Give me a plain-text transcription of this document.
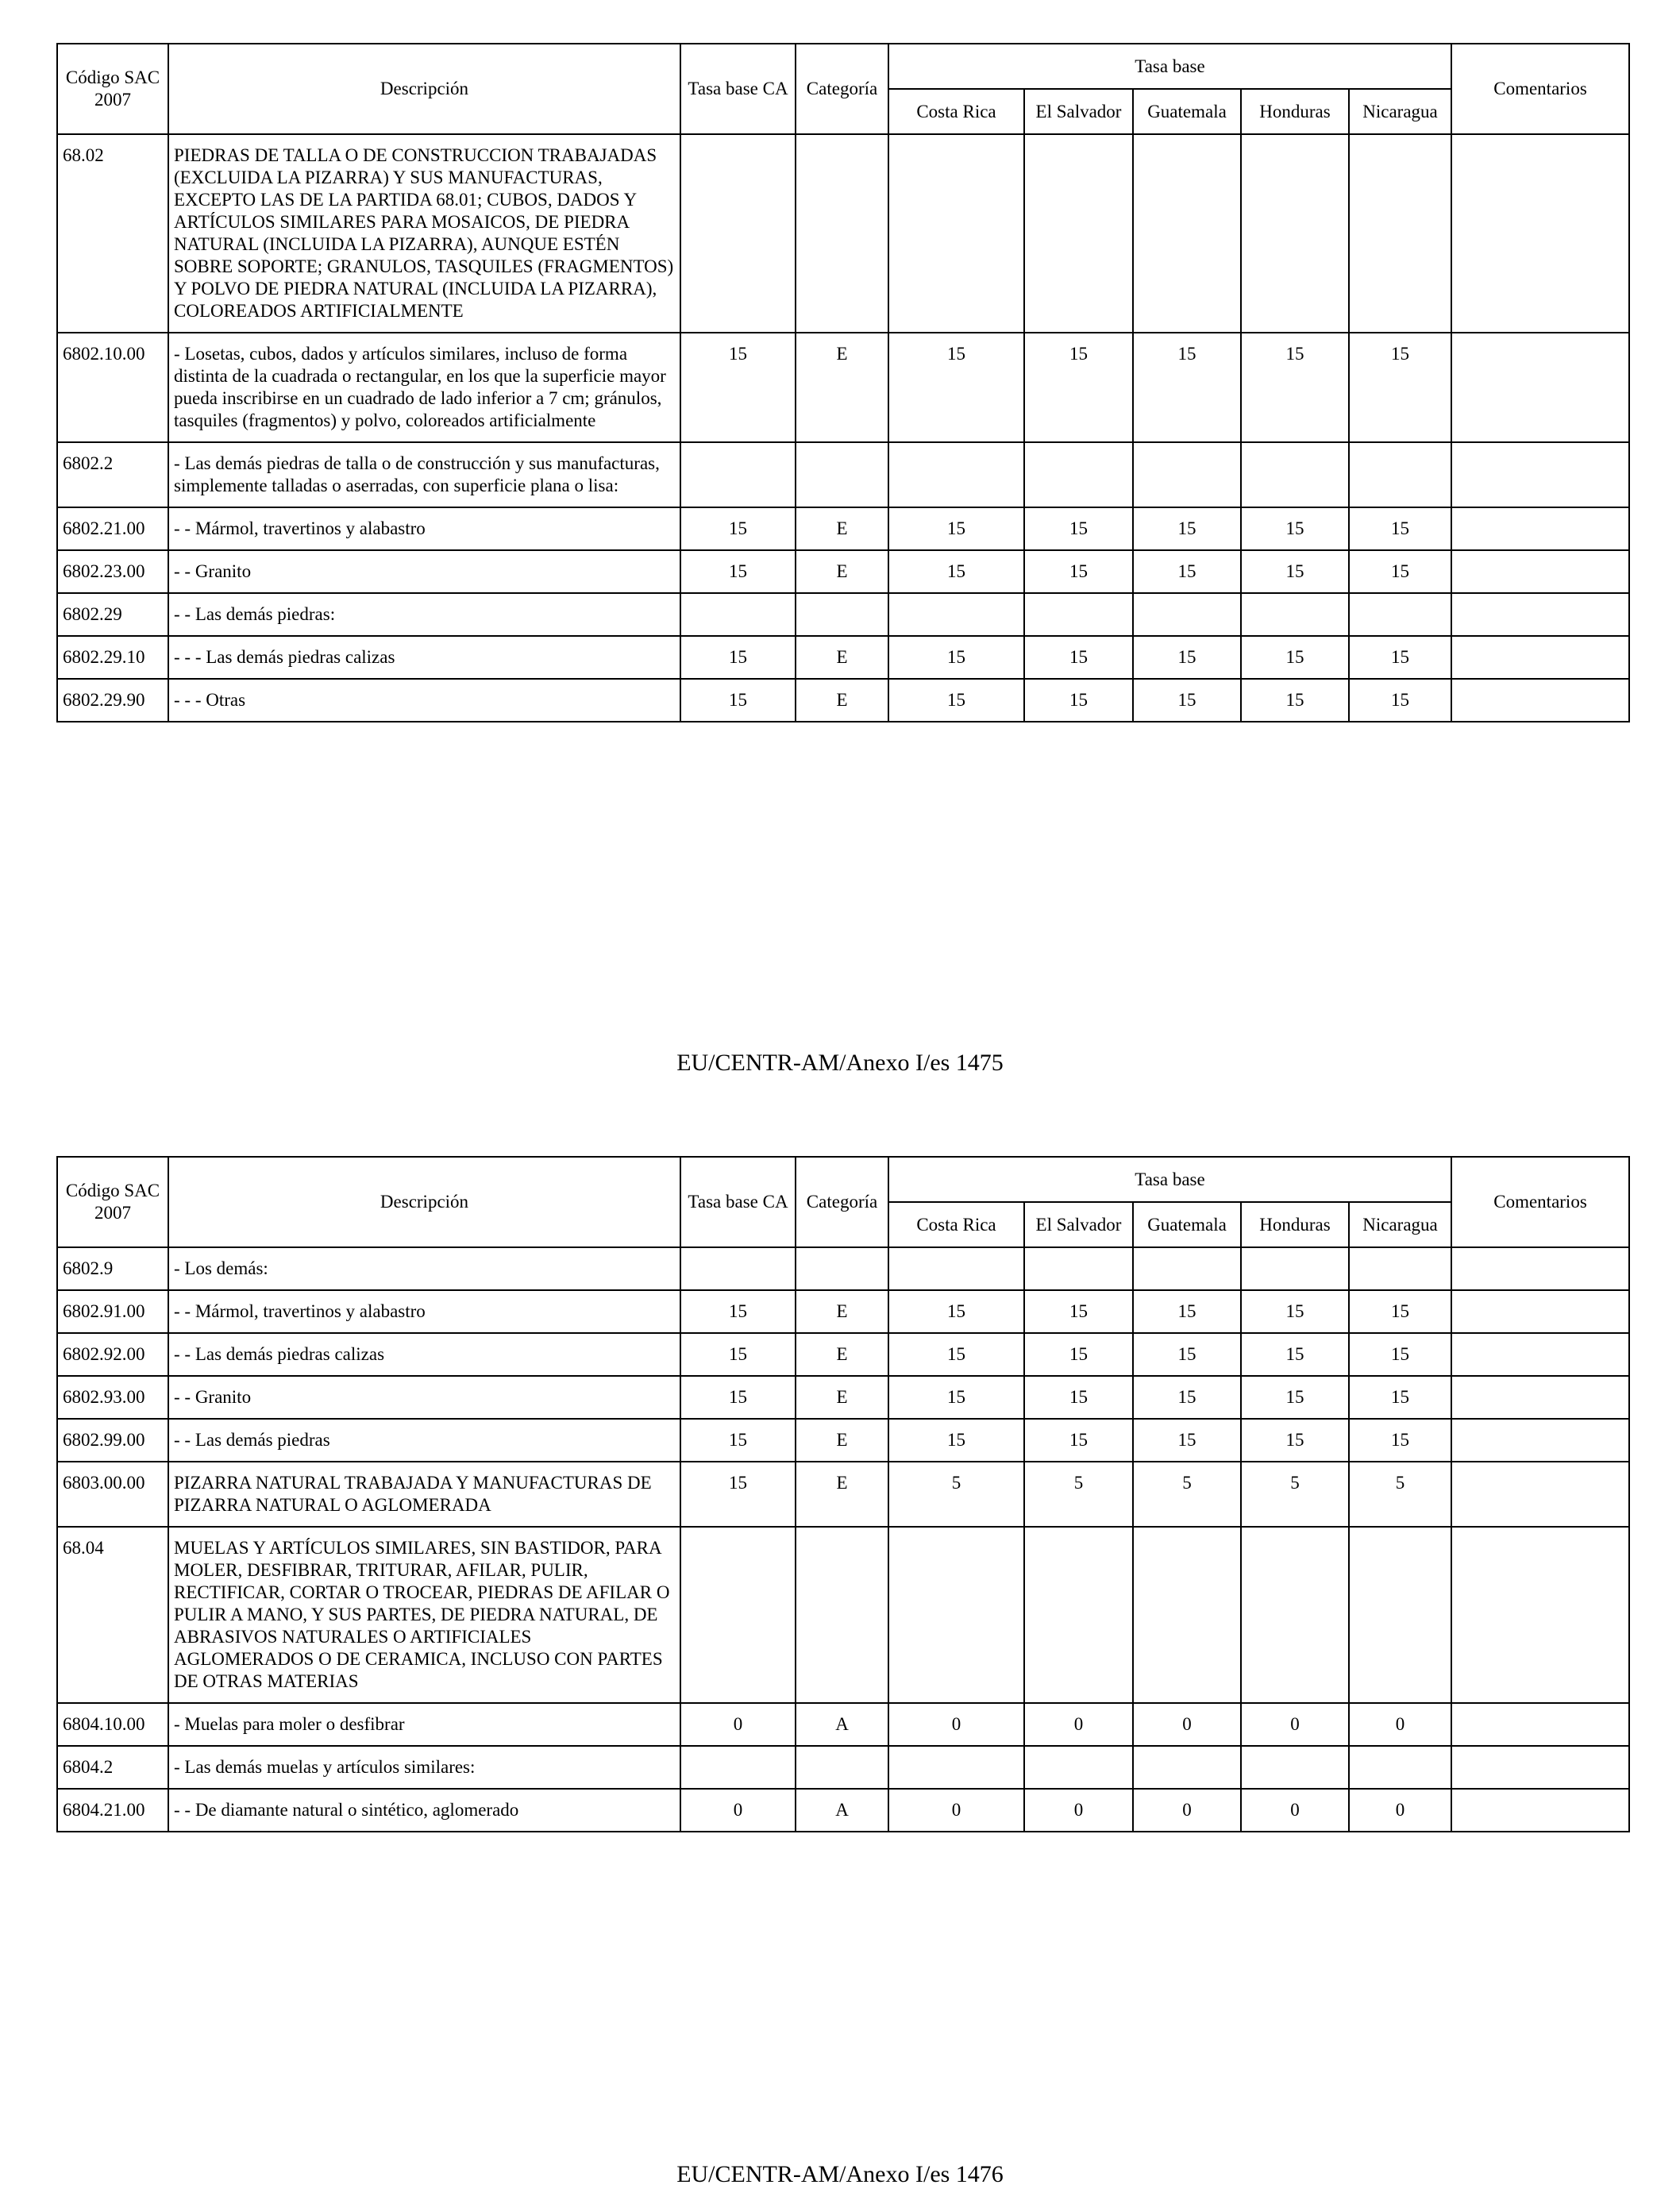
Código SAC 2007	Descripción	Tasa base CA	Categoría	Tasa base					Comentarios
				Costa Rica	El Salvador	Guatemala	Honduras	Nicaragua	
68.02	PIEDRAS DE TALLA O DE CONSTRUCCION TRABAJADAS (EXCLUIDA LA PIZARRA) Y SUS MANUFACTURAS, EXCEPTO LAS DE LA PARTIDA 68.01; CUBOS, DADOS Y ARTÍCULOS SIMILARES PARA MOSAICOS, DE PIEDRA NATURAL (INCLUIDA LA PIZARRA), AUNQUE ESTÉN SOBRE SOPORTE; GRANULOS, TASQUILES (FRAGMENTOS) Y POLVO DE PIEDRA NATURAL (INCLUIDA LA PIZARRA), COLOREADOS ARTIFICIALMENTE								
6802.10.00	- Losetas, cubos, dados y artículos similares, incluso de forma distinta de la cuadrada o rectangular, en los que la superficie mayor pueda inscribirse en un cuadrado de lado inferior a 7 cm; gránulos, tasquiles (fragmentos) y polvo, coloreados artificialmente	15	E	15	15	15	15	15	
6802.2	- Las demás piedras de talla o de construcción y sus manufacturas, simplemente talladas o aserradas, con superficie plana o lisa:								
6802.21.00	- - Mármol, travertinos y alabastro	15	E	15	15	15	15	15	
6802.23.00	- - Granito	15	E	15	15	15	15	15	
6802.29	- - Las demás piedras:								
6802.29.10	- - - Las demás piedras calizas	15	E	15	15	15	15	15	
6802.29.90	- - - Otras	15	E	15	15	15	15	15	
EU/CENTR-AM/Anexo I/es 1475
Código SAC 2007	Descripción	Tasa base CA	Categoría	Tasa base					Comentarios
				Costa Rica	El Salvador	Guatemala	Honduras	Nicaragua	
6802.9	- Los demás:								
6802.91.00	- - Mármol, travertinos y alabastro	15	E	15	15	15	15	15	
6802.92.00	- - Las demás piedras calizas	15	E	15	15	15	15	15	
6802.93.00	- - Granito	15	E	15	15	15	15	15	
6802.99.00	- - Las demás piedras	15	E	15	15	15	15	15	
6803.00.00	PIZARRA NATURAL TRABAJADA Y MANUFACTURAS DE PIZARRA NATURAL O AGLOMERADA	15	E	5	5	5	5	5	
68.04	MUELAS Y ARTÍCULOS SIMILARES, SIN BASTIDOR, PARA MOLER, DESFIBRAR, TRITURAR, AFILAR, PULIR, RECTIFICAR, CORTAR O TROCEAR, PIEDRAS DE AFILAR O PULIR A MANO, Y SUS PARTES, DE PIEDRA NATURAL, DE ABRASIVOS NATURALES O ARTIFICIALES AGLOMERADOS O DE CERAMICA, INCLUSO CON PARTES DE OTRAS MATERIAS								
6804.10.00	- Muelas para moler o desfibrar	0	A	0	0	0	0	0	
6804.2	- Las demás muelas y artículos similares:								
6804.21.00	- - De diamante natural o sintético, aglomerado	0	A	0	0	0	0	0	
EU/CENTR-AM/Anexo I/es 1476
